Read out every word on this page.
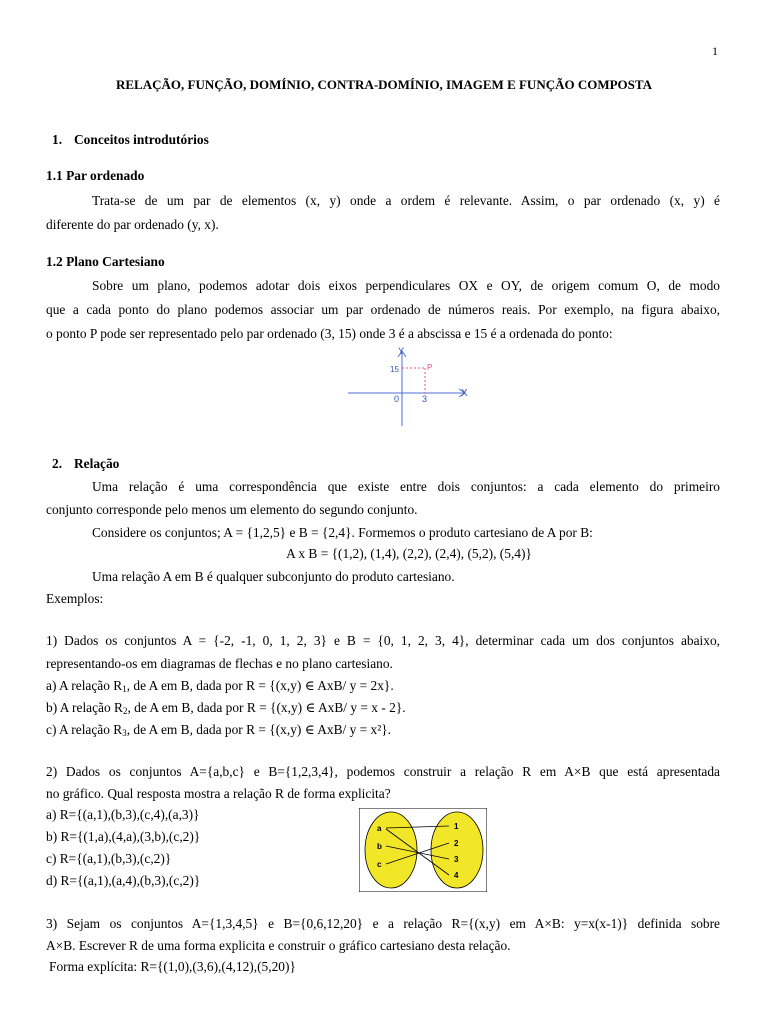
1
RELAÇÃO, FUNÇÃO, DOMÍNIO, CONTRA-DOMÍNIO, IMAGEM E FUNÇÃO COMPOSTA
1. Conceitos introdutórios
1.1 Par ordenado
Trata-se de um par de elementos (x, y) onde a ordem é relevante. Assim, o par ordenado (x, y) é
diferente do par ordenado (y, x).
1.2 Plano Cartesiano
Sobre um plano, podemos adotar dois eixos perpendiculares OX e OY, de origem comum O, de modo
que a cada ponto do plano podemos associar um par ordenado de números reais. Por exemplo, na figura abaixo,
o ponto P pode ser representado pelo par ordenado (3, 15) onde 3 é a abscissa e 15 é a ordenada do ponto:
Y
X
15
3
0
P
2. Relação
Uma relação é uma correspondência que existe entre dois conjuntos: a cada elemento do primeiro
conjunto corresponde pelo menos um elemento do segundo conjunto.
Considere os conjuntos; A = {1,2,5} e B = {2,4}. Formemos o produto cartesiano de A por B:
A x B = {(1,2), (1,4), (2,2), (2,4), (5,2), (5,4)}
Uma relação A em B é qualquer subconjunto do produto cartesiano.
Exemplos:
1) Dados os conjuntos A = {-2, -1, 0, 1, 2, 3} e B = {0, 1, 2, 3, 4}, determinar cada um dos conjuntos abaixo,
representando-os em diagramas de flechas e no plano cartesiano.
a) A relação $R_1$, de A em B, dada por R = {(x,y) ∈ AxB/ y = 2x}.
b) A relação $R_2$, de A em B, dada por R = {(x,y) ∈ AxB/ y = x - 2}.
c) A relação $R_3$, de A em B, dada por R = {(x,y) ∈ AxB/ y = x²}.
2) Dados os conjuntos A={a,b,c} e B={1,2,3,4}, podemos construir a relação R em A×B que está apresentada
no gráfico. Qual resposta mostra a relação R de forma explicita?
a) R={(a,1),(b,3),(c,4),(a,3)}
b) R={(1,a),(4,a),(3,b),(c,2)}
c) R={(a,1),(b,3),(c,2)}
d) R={(a,1),(a,4),(b,3),(c,2)}
a
b
c
1
2
3
4
3) Sejam os conjuntos A={1,3,4,5} e B={0,6,12,20} e a relação R={(x,y) em A×B: y=x(x-1)} definida sobre
A×B. Escrever R de uma forma explicita e construir o gráfico cartesiano desta relação.
Forma explícita: R={(1,0),(3,6),(4,12),(5,20)}
